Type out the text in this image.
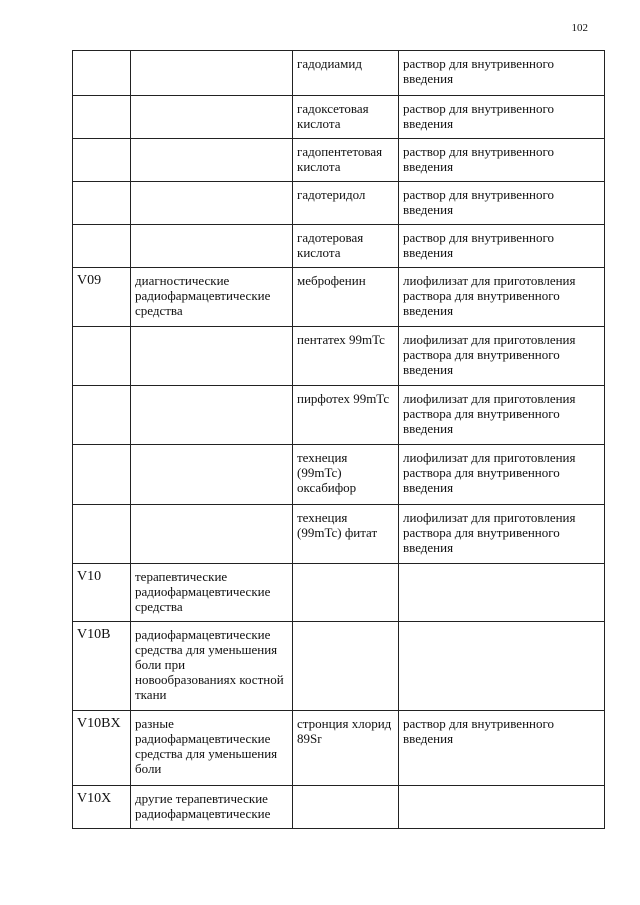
102
		гадодиамид	раствор для внутривенного введения
		гадоксетовая кислота	раствор для внутривенного введения
		гадопентетовая кислота	раствор для внутривенного введения
		гадотеридол	раствор для внутривенного введения
		гадотеровая кислота	раствор для внутривенного введения
V09	диагностические радиофармацевтические средства	меброфенин	лиофилизат для приготовления раствора для внутривенного введения
		пентатех 99mTc	лиофилизат для приготовления раствора для внутривенного введения
		пирфотех 99mTc	лиофилизат для приготовления раствора для внутривенного введения
		технеция (99mTc) оксабифор	лиофилизат для приготовления раствора для внутривенного введения
		технеция (99mTc) фитат	лиофилизат для приготовления раствора для внутривенного введения
V10	терапевтические радиофармацевтические средства		
V10B	радиофармацевтические средства для уменьшения боли при новообразованиях костной ткани		
V10BX	разные радиофармацевтические средства для уменьшения боли	стронция хлорид 89Sr	раствор для внутривенного введения
V10X	другие терапевтические радиофармацевтические		
